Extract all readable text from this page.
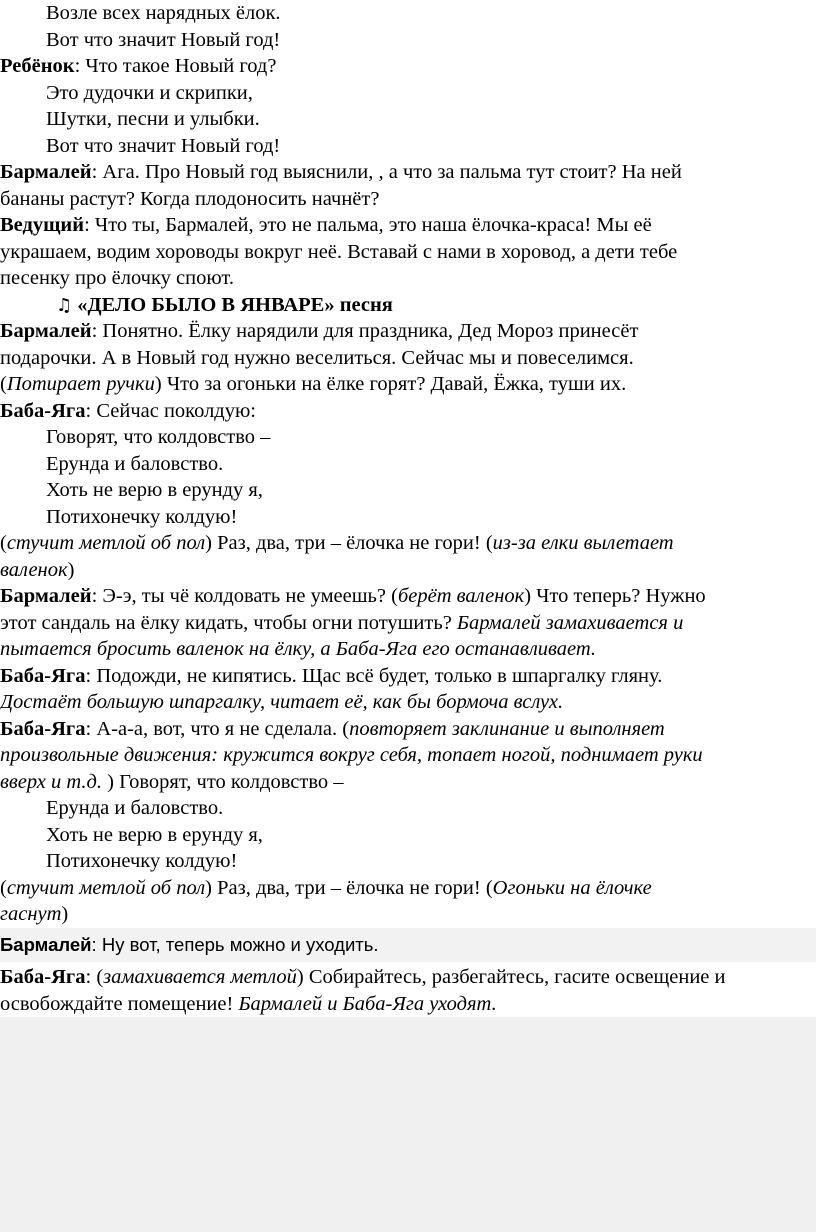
Возле всех нарядных ёлок.
Вот что значит Новый год!
Ребёнок: Что такое Новый год?
Это дудочки и скрипки,
Шутки, песни и улыбки.
Вот что значит Новый год!
Бармалей: Ага. Про Новый год выяснили, , а что за пальма тут стоит? На ней
бананы растут? Когда плодоносить начнёт?
Ведущий: Что ты, Бармалей, это не пальма, это наша ёлочка-краса! Мы её
украшаем, водим хороводы вокруг неё. Вставай с нами в хоровод, а дети тебе
песенку про ёлочку споют.
♫ «ДЕЛО БЫЛО В ЯНВАРЕ» песня
Бармалей: Понятно. Ёлку нарядили для праздника, Дед Мороз принесёт
подарочки. А в Новый год нужно веселиться. Сейчас мы и повеселимся.
(Потирает ручки) Что за огоньки на ёлке горят? Давай, Ёжка, туши их.
Баба-Яга: Сейчас поколдую:
Говорят, что колдовство –
Ерунда и баловство.
Хоть не верю в ерунду я,
Потихонечку колдую!
(стучит метлой об пол) Раз, два, три – ёлочка не гори! (из-за елки вылетает
валенок)
Бармалей: Э-э, ты чё колдовать не умеешь? (берёт валенок) Что теперь? Нужно
этот сандаль на ёлку кидать, чтобы огни потушить? Бармалей замахивается и
пытается бросить валенок на ёлку, а Баба-Яга его останавливает.
Баба-Яга: Подожди, не кипятись. Щас всё будет, только в шпаргалку гляну.
Достаёт большую шпаргалку, читает её, как бы бормоча вслух.
Баба-Яга: А-а-а, вот, что я не сделала. (повторяет заклинание и выполняет
произвольные движения: кружится вокруг себя, топает ногой, поднимает руки
вверх и т.д. ) Говорят, что колдовство –
Ерунда и баловство.
Хоть не верю в ерунду я,
Потихонечку колдую!
(стучит метлой об пол) Раз, два, три – ёлочка не гори! (Огоньки на ёлочке
гаснут)
Бармалей: Ну вот, теперь можно и уходить.
Баба-Яга: (замахивается метлой) Собирайтесь, разбегайтесь, гасите освещение и
освобождайте помещение! Бармалей и Баба-Яга уходят.
